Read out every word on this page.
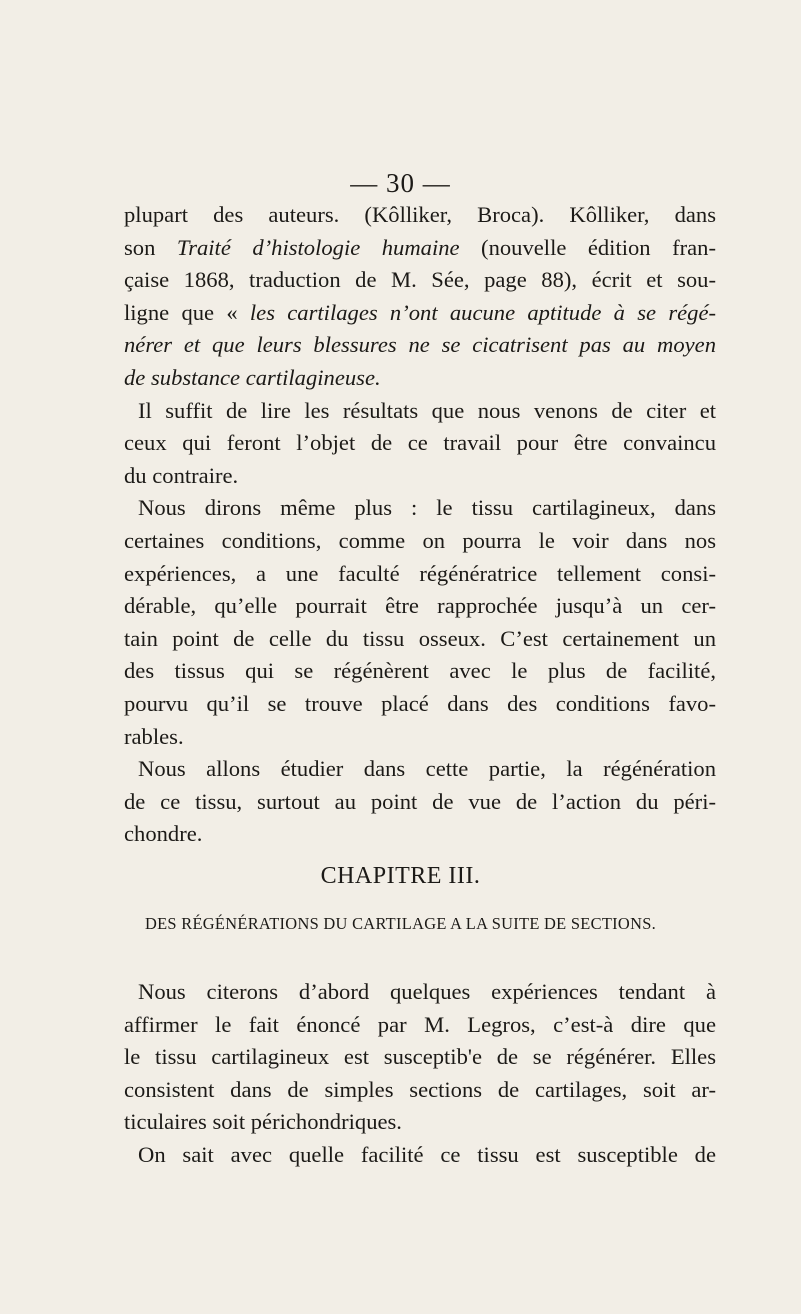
— 30 —
plupart des auteurs. (Kôlliker, Broca). Kôlliker, dans
son Traité d’histologie humaine (nouvelle édition fran-
çaise 1868, traduction de M. Sée, page 88), écrit et sou-
ligne que « les cartilages n’ont aucune aptitude à se régé-
nérer et que leurs blessures ne se cicatrisent pas au moyen
de substance cartilagineuse.
Il suffit de lire les résultats que nous venons de citer et
ceux qui feront l’objet de ce travail pour être convaincu
du contraire.
Nous dirons même plus : le tissu cartilagineux, dans
certaines conditions, comme on pourra le voir dans nos
expériences, a une faculté régénératrice tellement consi-
dérable, qu’elle pourrait être rapprochée jusqu’à un cer-
tain point de celle du tissu osseux. C’est certainement un
des tissus qui se régénèrent avec le plus de facilité,
pourvu qu’il se trouve placé dans des conditions favo-
rables.
Nous allons étudier dans cette partie, la régénération
de ce tissu, surtout au point de vue de l’action du péri-
chondre.
CHAPITRE III.
DES RÉGÉNÉRATIONS DU CARTILAGE A LA SUITE DE SECTIONS.
Nous citerons d’abord quelques expériences tendant à
affirmer le fait énoncé par M. Legros, c’est-à dire que
le tissu cartilagineux est susceptib'e de se régénérer. Elles
consistent dans de simples sections de cartilages, soit ar-
ticulaires soit périchondriques.
On sait avec quelle facilité ce tissu est susceptible de
